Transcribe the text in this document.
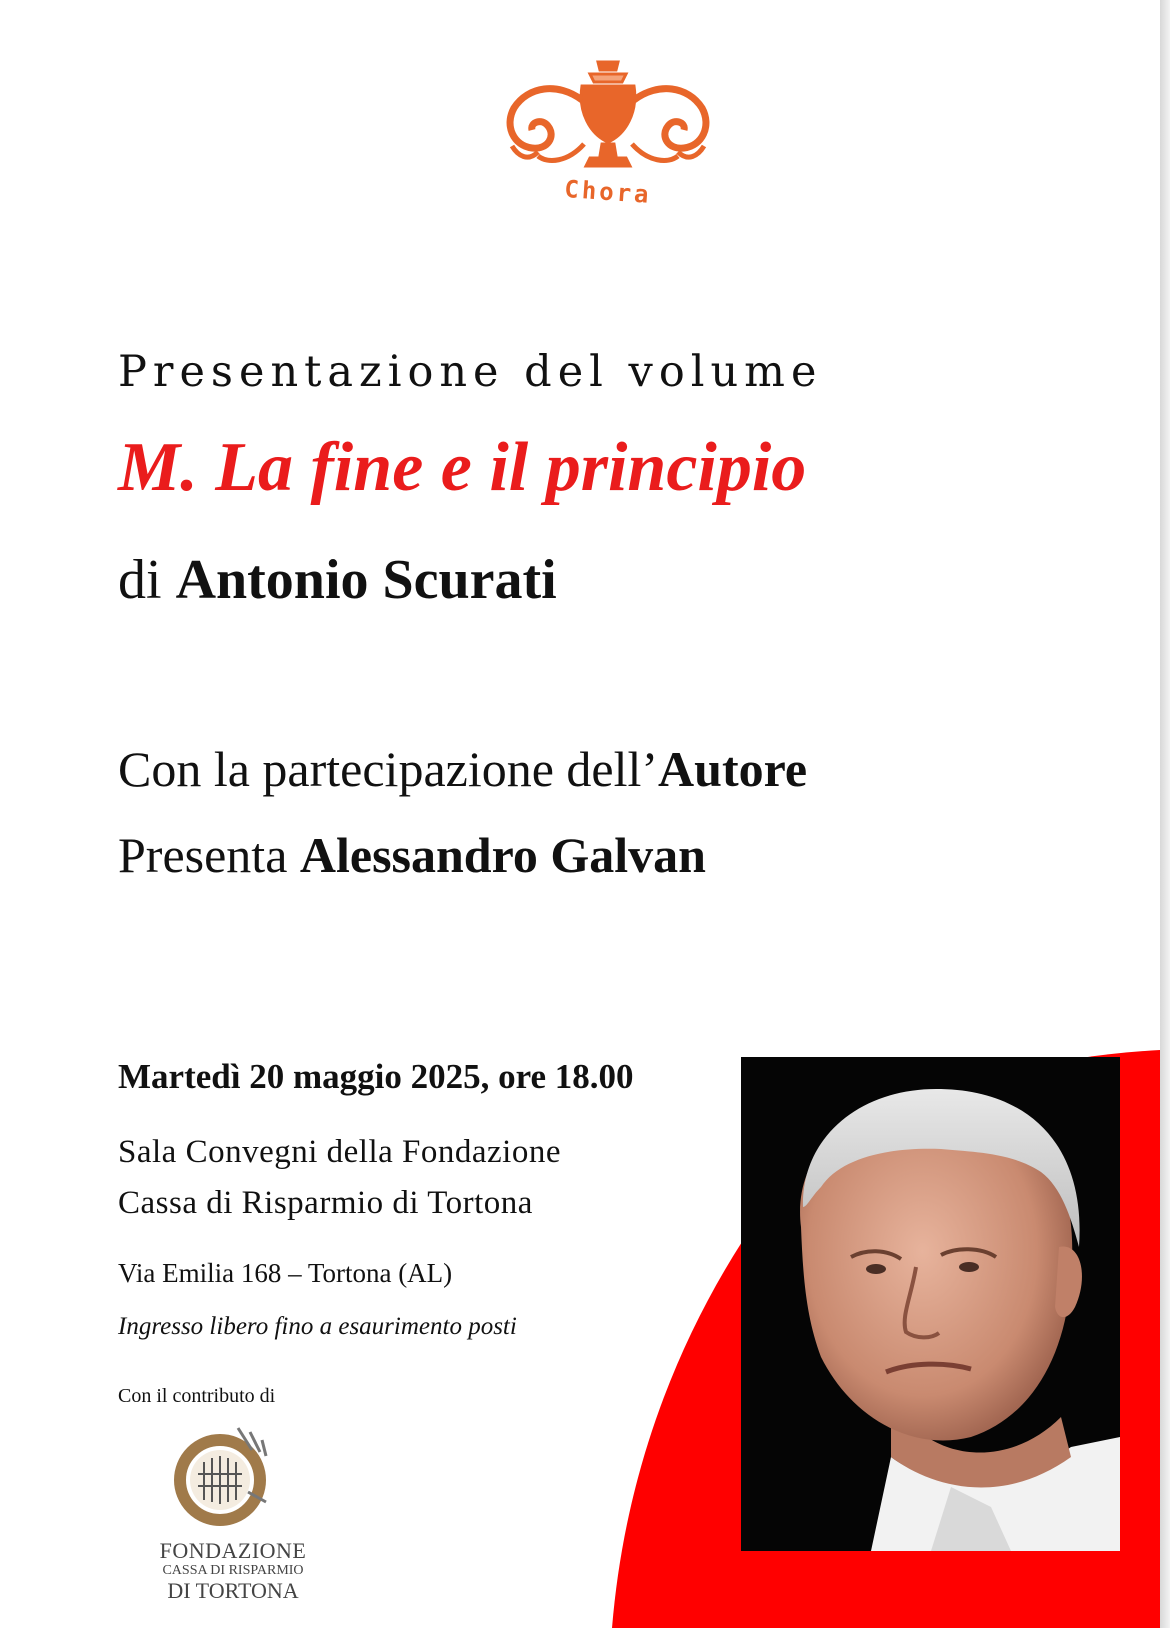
Chora
Presentazione del volume
M. La fine e il principio
di Antonio Scurati
Con la partecipazione dell’Autore
Presenta Alessandro Galvan
Martedì 20 maggio 2025, ore 18.00
Sala Convegni della Fondazione
Cassa di Risparmio di Tortona
Via Emilia 168 – Tortona (AL)
Ingresso libero fino a esaurimento posti
Con il contributo di
FONDAZIONE
CASSA DI RISPARMIO
DI TORTONA
